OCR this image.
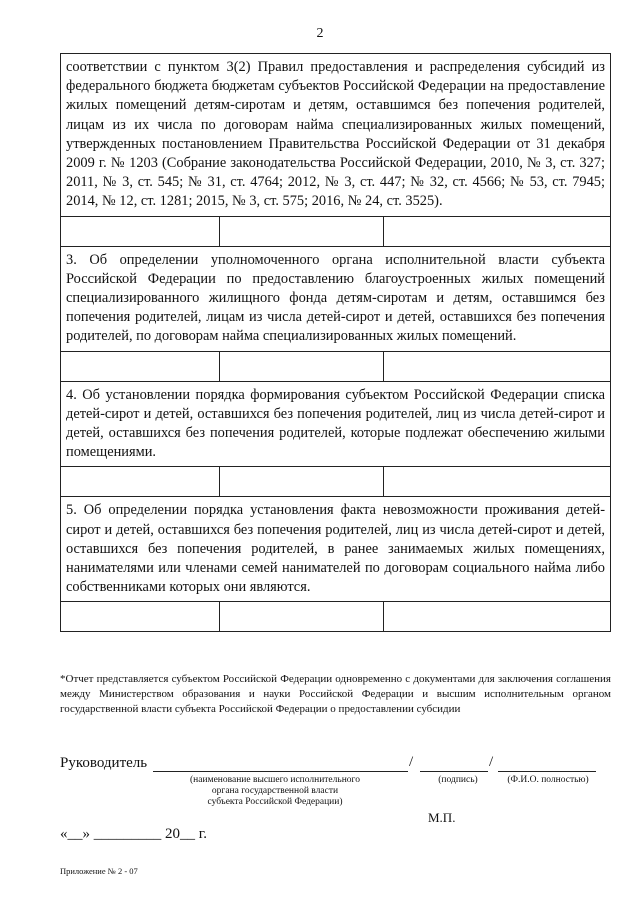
2
соответствии с пунктом 3(2) Правил предоставления и распределения субсидий из федерального бюджета бюджетам субъектов Российской Федерации на предоставление жилых помещений детям-сиротам и детям, оставшимся без попечения родителей, лицам из их числа по договорам найма специализированных жилых помещений, утвержденных постановлением Правительства Российской Федерации от 31 декабря 2009 г. № 1203 (Собрание законодательства Российской Федерации, 2010, № 3, ст. 327; 2011, № 3, ст. 545; № 31, ст. 4764; 2012, № 3, ст. 447; № 32, ст. 4566; № 53, ст. 7945; 2014, № 12, ст. 1281; 2015, № 3, ст. 575; 2016, № 24, ст. 3525).
3. Об определении уполномоченного органа исполнительной власти субъекта Российской Федерации по предоставлению благоустроенных жилых помещений специализированного жилищного фонда детям-сиротам и детям, оставшимся без попечения родителей, лицам из числа детей-сирот и детей, оставшихся без попечения родителей, по договорам найма специализированных жилых помещений.
4. Об установлении порядка формирования субъектом Российской Федерации списка детей-сирот и детей, оставшихся без попечения родителей, лиц из числа детей-сирот и детей, оставшихся без попечения родителей, которые подлежат обеспечению жилыми помещениями.
5. Об определении порядка установления факта невозможности проживания детей-сирот и детей, оставшихся без попечения родителей, лиц из числа детей-сирот и детей, оставшихся без попечения родителей, в ранее занимаемых жилых помещениях, нанимателями или членами семей нанимателей по договорам социального найма либо собственниками которых они являются.
*Отчет представляется субъектом Российской Федерации одновременно с документами для заключения соглашения между Министерством образования и науки Российской Федерации и высшим исполнительным органом государственной власти субъекта Российской Федерации о предоставлении субсидии
Руководитель	/	/
(наименование высшего исполнительного
органа государственной власти
субъекта Российской Федерации)
(подпись)	(Ф.И.О. полностью)
М.П.
«__» _________ 20__ г.
Приложение № 2 - 07
